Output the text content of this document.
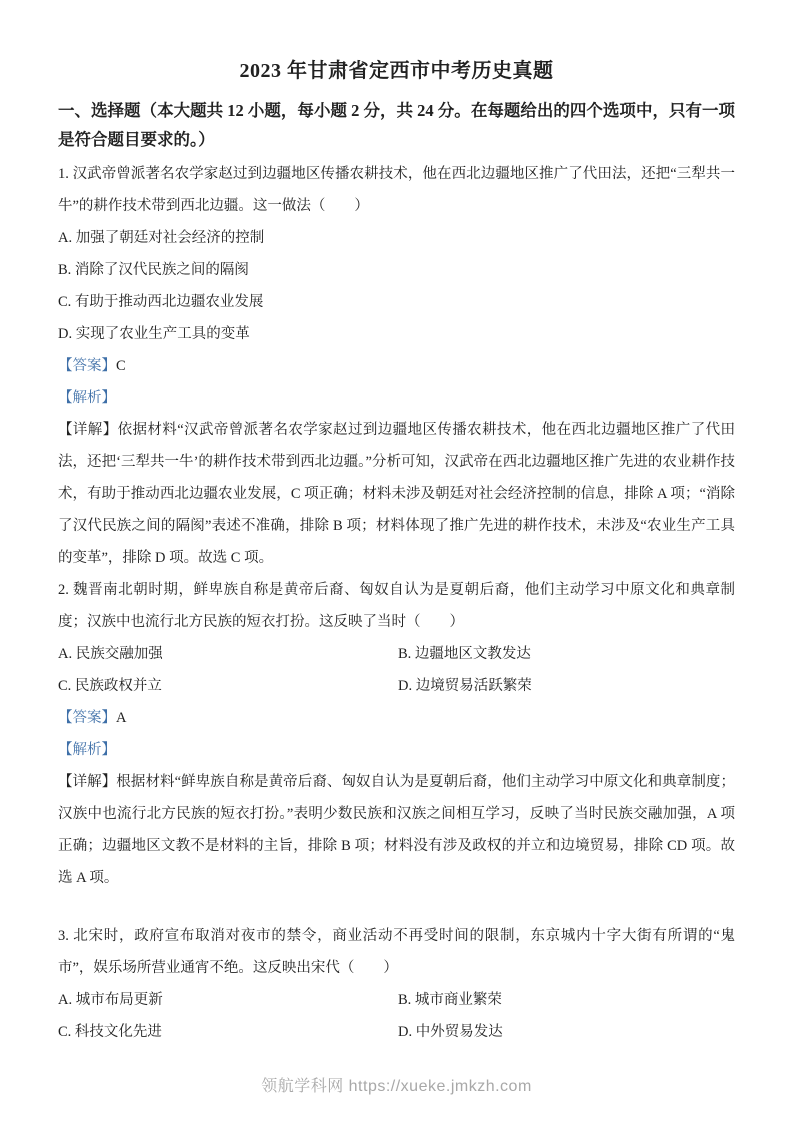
2023 年甘肃省定西市中考历史真题
一、选择题（本大题共 12 小题，每小题 2 分，共 24 分。在每题给出的四个选项中，只有一项是符合题目要求的。）

1. 汉武帝曾派著名农学家赵过到边疆地区传播农耕技术，他在西北边疆地区推广了代田法，还把“三犁共一牛”的耕作技术带到西北边疆。这一做法（　　）

A. 加强了朝廷对社会经济的控制

B. 消除了汉代民族之间的隔阂

C. 有助于推动西北边疆农业发展

D. 实现了农业生产工具的变革

【答案】C

【解析】

【详解】依据材料“汉武帝曾派著名农学家赵过到边疆地区传播农耕技术，他在西北边疆地区推广了代田法，还把‘三犁共一牛’的耕作技术带到西北边疆。”分析可知，汉武帝在西北边疆地区推广先进的农业耕作技术，有助于推动西北边疆农业发展，C 项正确；材料未涉及朝廷对社会经济控制的信息，排除 A 项；“消除了汉代民族之间的隔阂”表述不准确，排除 B 项；材料体现了推广先进的耕作技术，未涉及“农业生产工具的变革”，排除 D 项。故选 C 项。

2. 魏晋南北朝时期，鲜卑族自称是黄帝后裔、匈奴自认为是夏朝后裔，他们主动学习中原文化和典章制度；汉族中也流行北方民族的短衣打扮。这反映了当时（　　）

A. 民族交融加强	B. 边疆地区文教发达
C. 民族政权并立	D. 边境贸易活跃繁荣

【答案】A

【解析】

【详解】根据材料“鲜卑族自称是黄帝后裔、匈奴自认为是夏朝后裔，他们主动学习中原文化和典章制度；汉族中也流行北方民族的短衣打扮。”表明少数民族和汉族之间相互学习，反映了当时民族交融加强，A 项正确；边疆地区文教不是材料的主旨，排除 B 项；材料没有涉及政权的并立和边境贸易，排除 CD 项。故选 A 项。

3. 北宋时，政府宣布取消对夜市的禁令，商业活动不再受时间的限制，东京城内十字大街有所谓的“鬼市”，娱乐场所营业通宵不绝。这反映出宋代（　　）

A. 城市布局更新	B. 城市商业繁荣
C. 科技文化先进	D. 中外贸易发达
领航学科网 https://xueke.jmkzh.com
